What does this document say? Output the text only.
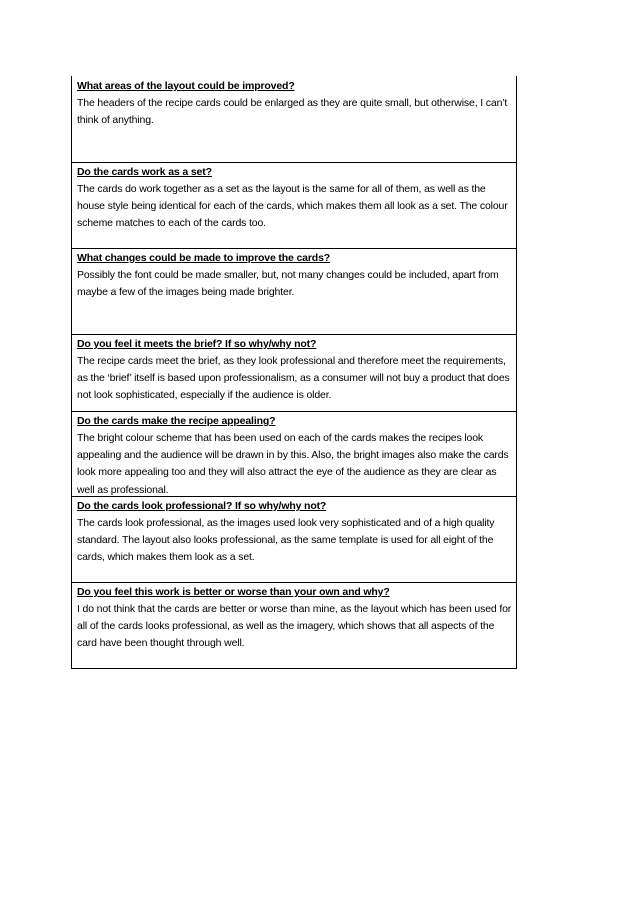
What areas of the layout could be improved?
The headers of the recipe cards could be enlarged as they are quite small, but otherwise, I can’t think of anything.
Do the cards work as a set?
The cards do work together as a set as the layout is the same for all of them, as well as the house style being identical for each of the cards, which makes them all look as a set. The colour scheme matches to each of the cards too.
What changes could be made to improve the cards?
Possibly the font could be made smaller, but, not many changes could be included, apart from maybe a few of the images being made brighter.
Do you feel it meets the brief? If so why/why not?
The recipe cards meet the brief, as they look professional and therefore meet the requirements, as the ‘brief’ itself is based upon professionalism, as a consumer will not buy a product that does not look sophisticated, especially if the audience is older.
Do the cards make the recipe appealing?
The bright colour scheme that has been used on each of the cards makes the recipes look appealing and the audience will be drawn in by this. Also, the bright images also make the cards look more appealing too and they will also attract the eye of the audience as they are clear as well as professional.
Do the cards look professional? If so why/why not?
The cards look professional, as the images used look very sophisticated and of a high quality standard. The layout also looks professional, as the same template is used for all eight of the cards, which makes them look as a set.
Do you feel this work is better or worse than your own and why?
I do not think that the cards are better or worse than mine, as the layout which has been used for all of the cards looks professional, as well as the imagery, which shows that all aspects of the card have been thought through well.
